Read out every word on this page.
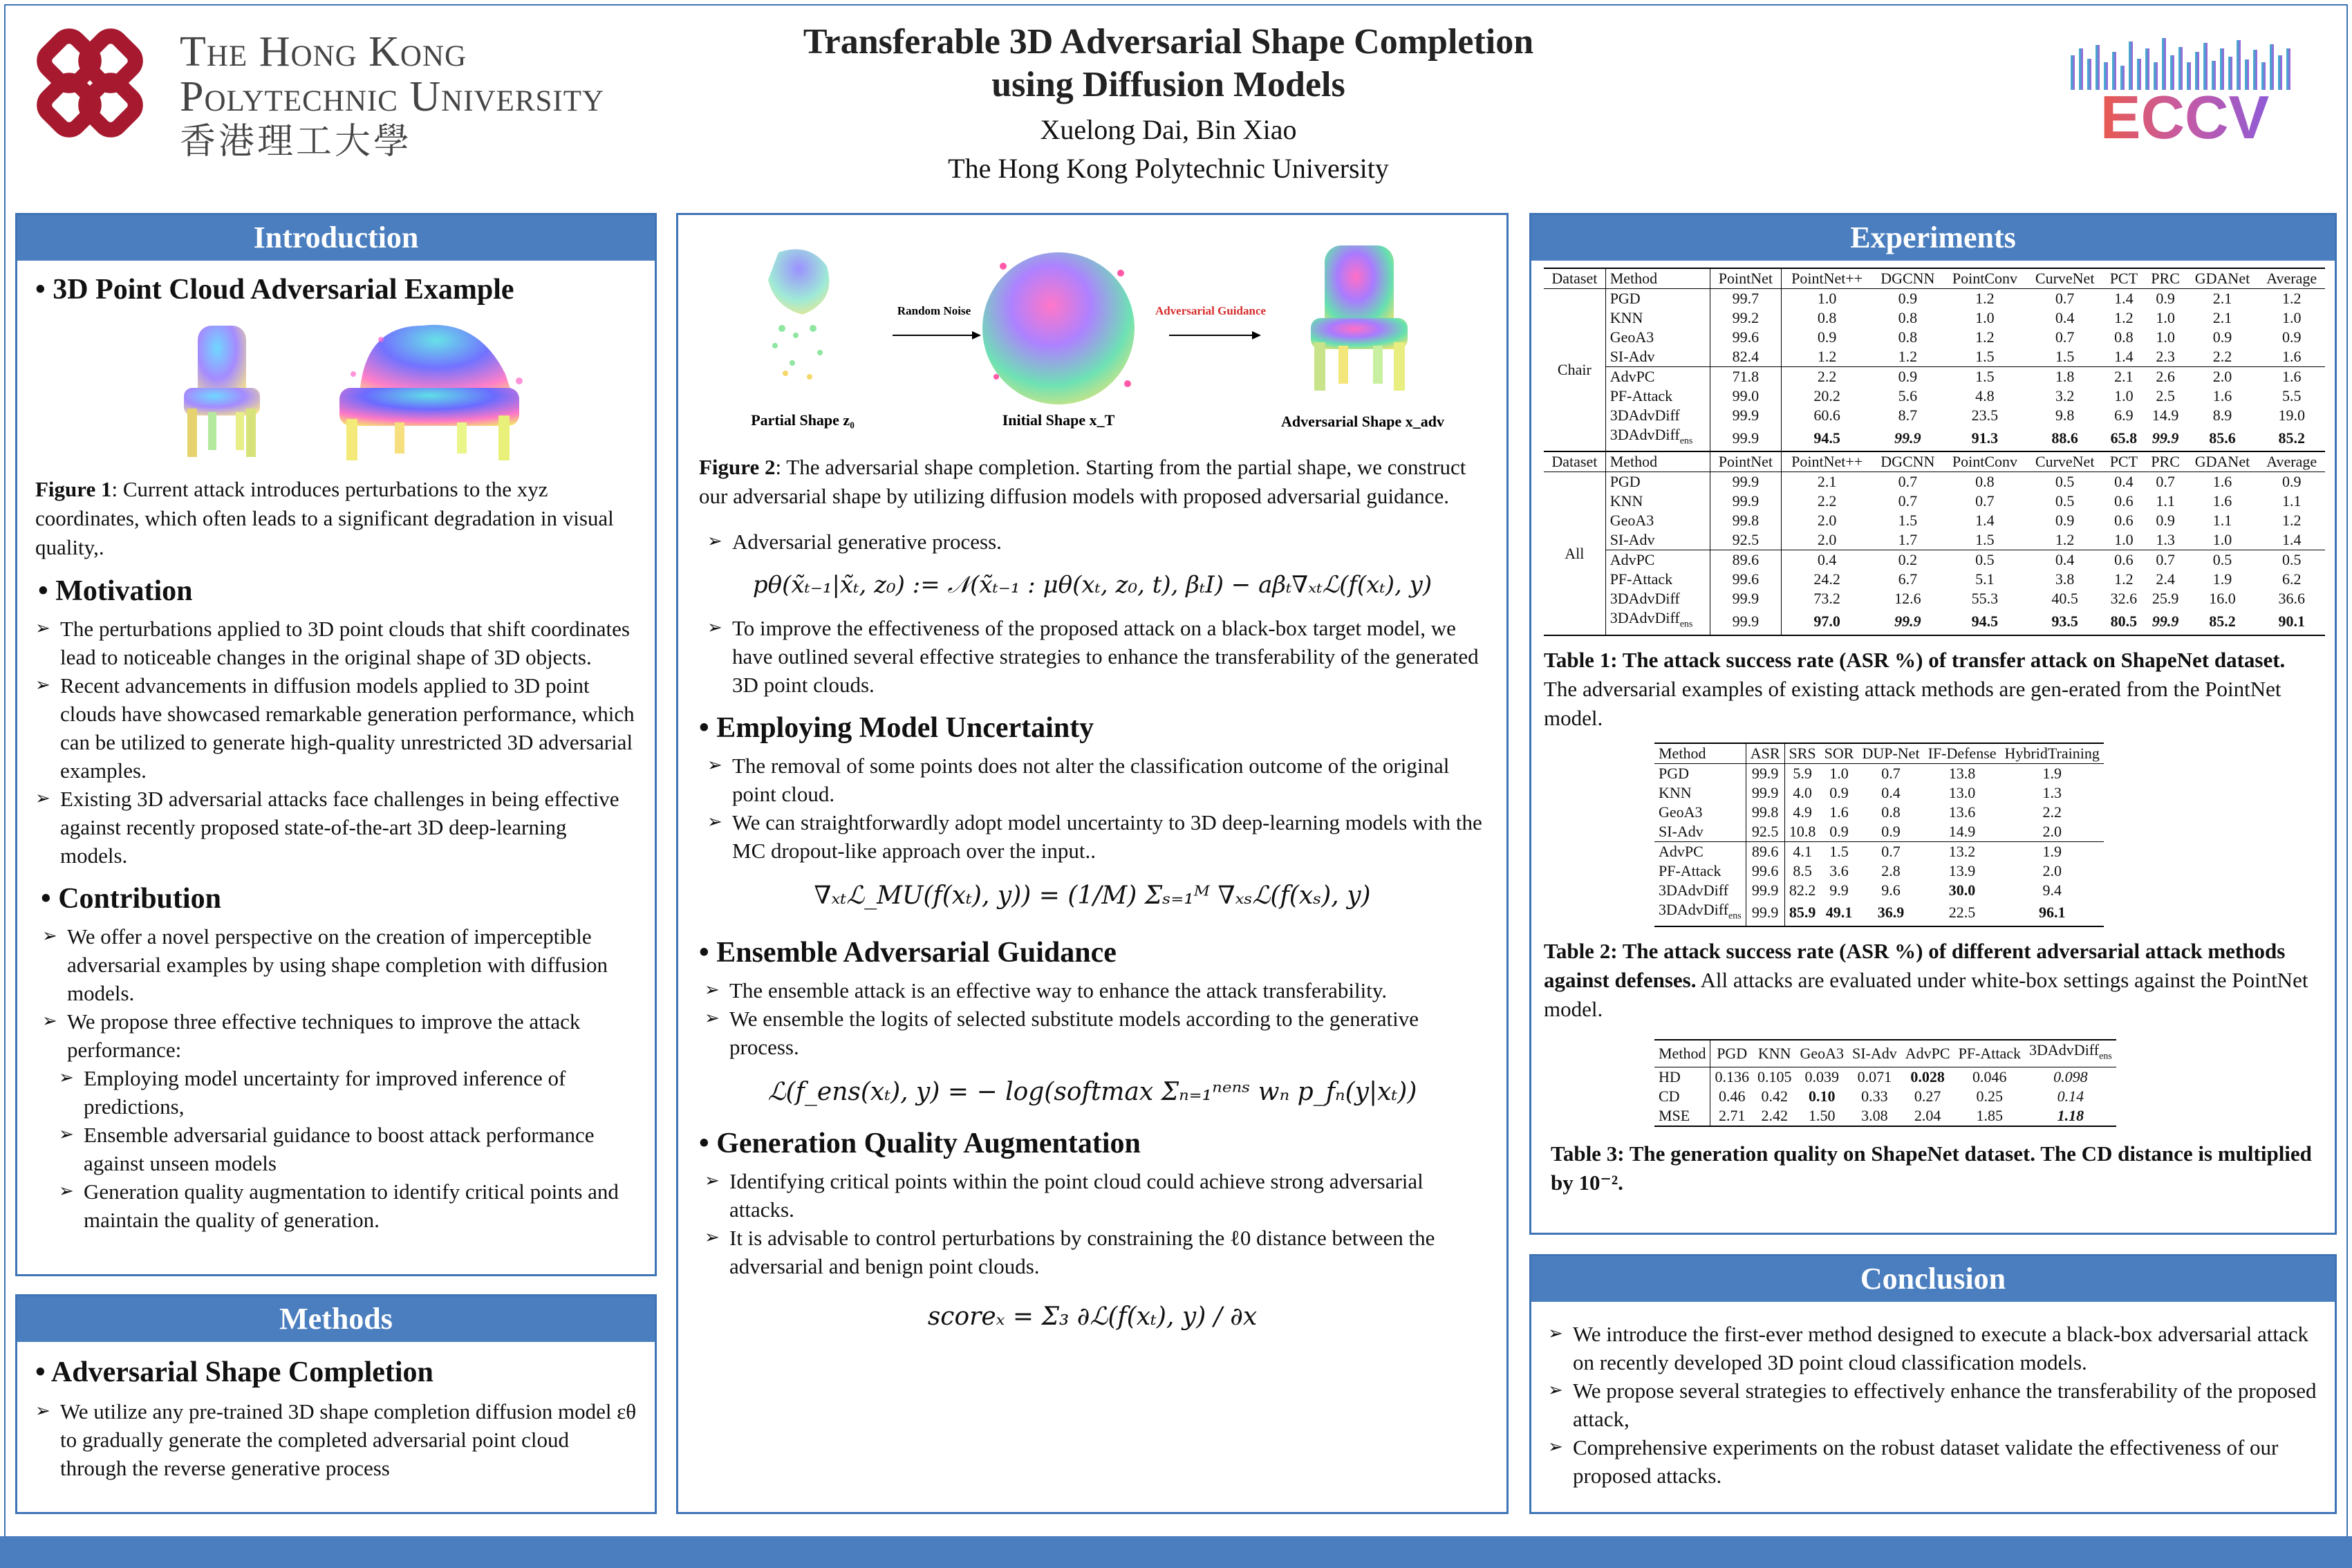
The Hong Kong
Polytechnic University
香港理工大學
Transferable 3D Adversarial Shape Completion
using Diffusion Models
Xuelong Dai, Bin Xiao
The Hong Kong Polytechnic University
ECCV
Introduction
• 3D Point Cloud Adversarial Example
Figure 1: Current attack introduces perturbations to the xyz coordinates, which often leads to a significant degradation in visual quality,.
• Motivation
➢ The perturbations applied to 3D point clouds that shift coordinates lead to noticeable changes in the original shape of 3D objects.
➢ Recent advancements in diffusion models applied to 3D point clouds have showcased remarkable generation performance, which can be utilized to generate high-quality unrestricted 3D adversarial examples.
➢ Existing 3D adversarial attacks face challenges in being effective against recently proposed state-of-the-art 3D deep-learning models.
• Contribution
➢ We offer a novel perspective on the creation of imperceptible adversarial examples by using shape completion with diffusion models.
➢ We propose three effective techniques to improve the attack performance:
➢ Employing model uncertainty for improved inference of predictions,
➢ Ensemble adversarial guidance to boost attack performance against unseen models
➢ Generation quality augmentation to identify critical points and maintain the quality of generation.
Methods
• Adversarial Shape Completion
➢ We utilize any pre-trained 3D shape completion diffusion model εθ to gradually generate the completed adversarial point cloud through the reverse generative process
Partial Shape z₀
Random Noise
Initial Shape x_T
Adversarial Guidance
Adversarial Shape x_adv
Figure 2: The adversarial shape completion. Starting from the partial shape, we construct our adversarial shape by utilizing diffusion models with proposed adversarial guidance.
➢ Adversarial generative process.
pθ(x̃ₜ₋₁|x̃ₜ, z₀) := 𝒩(x̃ₜ₋₁ : μθ(xₜ, z₀, t), βₜI) − aβₜ∇ₓₜℒ(f(xₜ), y)
➢ To improve the effectiveness of the proposed attack on a black-box target model, we have outlined several effective strategies to enhance the transferability of the generated 3D point clouds.
• Employing Model Uncertainty
➢ The removal of some points does not alter the classification outcome of the original point cloud.
➢ We can straightforwardly adopt model uncertainty to 3D deep-learning models with the MC dropout-like approach over the input..
∇ₓₜℒ_MU(f(xₜ), y)) = (1/M) Σₛ₌₁ᴹ ∇ₓₛℒ(f(xₛ), y)
• Ensemble Adversarial Guidance
➢ The ensemble attack is an effective way to enhance the attack transferability.
➢ We ensemble the logits of selected substitute models according to the generative process.
ℒ(f_ens(xₜ), y) = − log(softmax Σₙ₌₁ⁿᵉⁿˢ wₙ p_fₙ(y|xₜ))
• Generation Quality Augmentation
➢ Identifying critical points within the point cloud could achieve strong adversarial attacks.
➢ It is advisable to control perturbations by constraining the ℓ0 distance between the adversarial and benign point clouds.
scoreₓ = Σ₃ ∂ℒ(f(xₜ), y) / ∂x
Experiments
Dataset	Method	PointNet	PointNet++	DGCNN	PointConv	CurveNet	PCT	PRC	GDANet	Average
Chair	PGD	99.7	1.0	0.9	1.2	0.7	1.4	0.9	2.1	1.2
	KNN	99.2	0.8	0.8	1.0	0.4	1.2	1.0	2.1	1.0
	GeoA3	99.6	0.9	0.8	1.2	0.7	0.8	1.0	0.9	0.9
	SI-Adv	82.4	1.2	1.2	1.5	1.5	1.4	2.3	2.2	1.6
	AdvPC	71.8	2.2	0.9	1.5	1.8	2.1	2.6	2.0	1.6
	PF-Attack	99.0	20.2	5.6	4.8	3.2	1.0	2.5	1.6	5.5
	3DAdvDiff	99.9	60.6	8.7	23.5	9.8	6.9	14.9	8.9	19.0
	3DAdvDiff$_{ens}$	99.9	94.5	99.9	91.3	88.6	65.8	99.9	85.6	85.2
Dataset	Method	PointNet	PointNet++	DGCNN	PointConv	CurveNet	PCT	PRC	GDANet	Average
All	PGD	99.9	2.1	0.7	0.8	0.5	0.4	0.7	1.6	0.9
	KNN	99.9	2.2	0.7	0.7	0.5	0.6	1.1	1.6	1.1
	GeoA3	99.8	2.0	1.5	1.4	0.9	0.6	0.9	1.1	1.2
	SI-Adv	92.5	2.0	1.7	1.5	1.2	1.0	1.3	1.0	1.4
	AdvPC	89.6	0.4	0.2	0.5	0.4	0.6	0.7	0.5	0.5
	PF-Attack	99.6	24.2	6.7	5.1	3.8	1.2	2.4	1.9	6.2
	3DAdvDiff	99.9	73.2	12.6	55.3	40.5	32.6	25.9	16.0	36.6
	3DAdvDiff$_{ens}$	99.9	97.0	99.9	94.5	93.5	80.5	99.9	85.2	90.1
Table 1: The attack success rate (ASR %) of transfer attack on ShapeNet dataset. The adversarial examples of existing attack methods are gen-erated from the PointNet model.
Method	ASR	SRS	SOR	DUP-Net	IF-Defense	HybridTraining
PGD	99.9	5.9	1.0	0.7	13.8	1.9
KNN	99.9	4.0	0.9	0.4	13.0	1.3
GeoA3	99.8	4.9	1.6	0.8	13.6	2.2
SI-Adv	92.5	10.8	0.9	0.9	14.9	2.0
AdvPC	89.6	4.1	1.5	0.7	13.2	1.9
PF-Attack	99.6	8.5	3.6	2.8	13.9	2.0
3DAdvDiff	99.9	82.2	9.9	9.6	30.0	9.4
3DAdvDiff$_{ens}$	99.9	85.9	49.1	36.9	22.5	96.1
Table 2: The attack success rate (ASR %) of different adversarial attack methods against defenses. All attacks are evaluated under white-box settings against the PointNet model.
Method	PGD	KNN	GeoA3	SI-Adv	AdvPC	PF-Attack	3DAdvDiff$_{ens}$
HD	0.136	0.105	0.039	0.071	0.028	0.046	0.098
CD	0.46	0.42	0.10	0.33	0.27	0.25	0.14
MSE	2.71	2.42	1.50	3.08	2.04	1.85	1.18
Table 3: The generation quality on ShapeNet dataset. The CD distance is multiplied by 10⁻².
Conclusion
➢ We introduce the first-ever method designed to execute a black-box adversarial attack on recently developed 3D point cloud classification models.
➢ We propose several strategies to effectively enhance the transferability of the proposed attack,
➢ Comprehensive experiments on the robust dataset validate the effectiveness of our proposed attacks.
